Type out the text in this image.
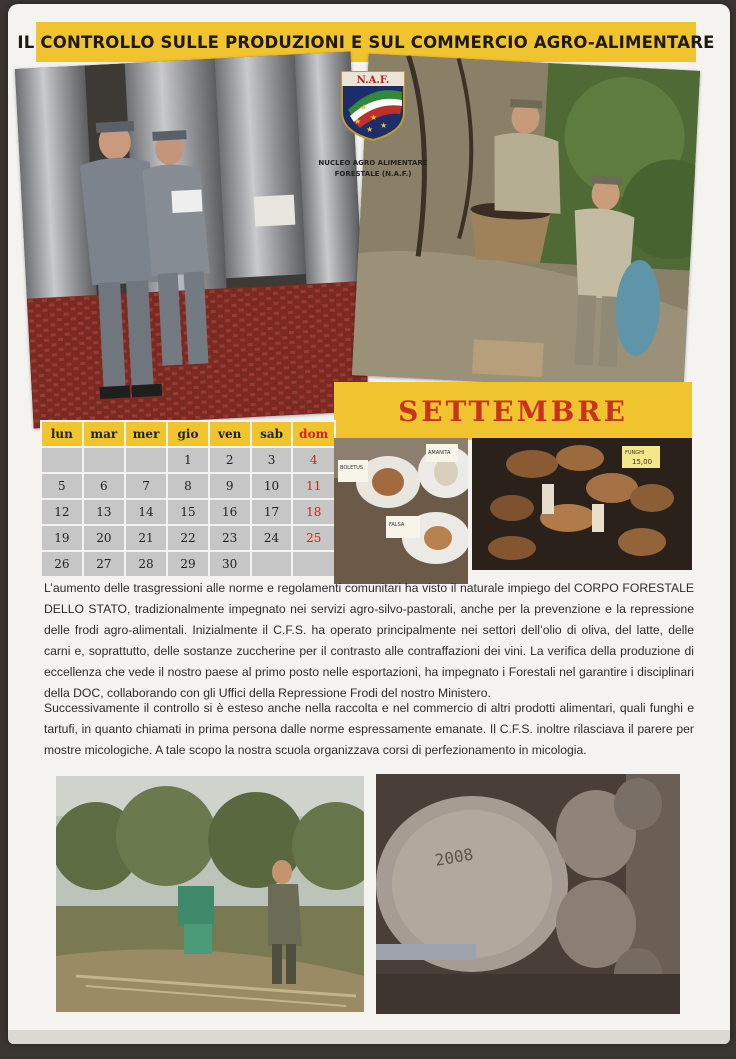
IL CONTROLLO SULLE PRODUZIONI E SUL COMMERCIO AGRO-ALIMENTARE
N.A.F.
★
★
★
★
★
NUCLEO AGRO ALIMENTARE
FORESTALE (N.A.F.)
SETTEMBRE
lun	mar	mer	gio	ven	sab	dom
			1	2	3	4
5	6	7	8	9	10	11
12	13	14	15	16	17	18
19	20	21	22	23	24	25
26	27	28	29	30		
BOLETUS
AMANITA
FALSA
FUNGHI
15,00

L’aumento delle trasgressioni alle norme e regolamenti comunitari ha visto il naturale impiego del CORPO FORESTALE DELLO STATO, tradizionalmente impegnato nei servizi agro-silvo-pastorali, anche per la prevenzione e la repressione delle frodi agro-alimentali. Inizialmente il C.F.S. ha operato principalmente nei settori dell’olio di oliva, del latte, delle carni e, soprattutto, delle sostanze zuccherine per il contrasto alle contraffazioni dei vini. La verifica della produzione di eccellenza che vede il nostro paese al primo posto nelle esportazioni, ha impegnato i Forestali nel garantire i disciplinari della DOC, collaborando con gli Uffici della Repressione Frodi del nostro Ministero.

Successivamente il controllo si è esteso anche nella raccolta e nel commercio di altri prodotti alimentari, quali funghi e tartufi, in quanto chiamati in prima persona dalle norme espressamente emanate. Il C.F.S. inoltre rilasciava il parere per mostre micologiche. A tale scopo la nostra scuola organizzava corsi di perfezionamento in micologia.

2008
